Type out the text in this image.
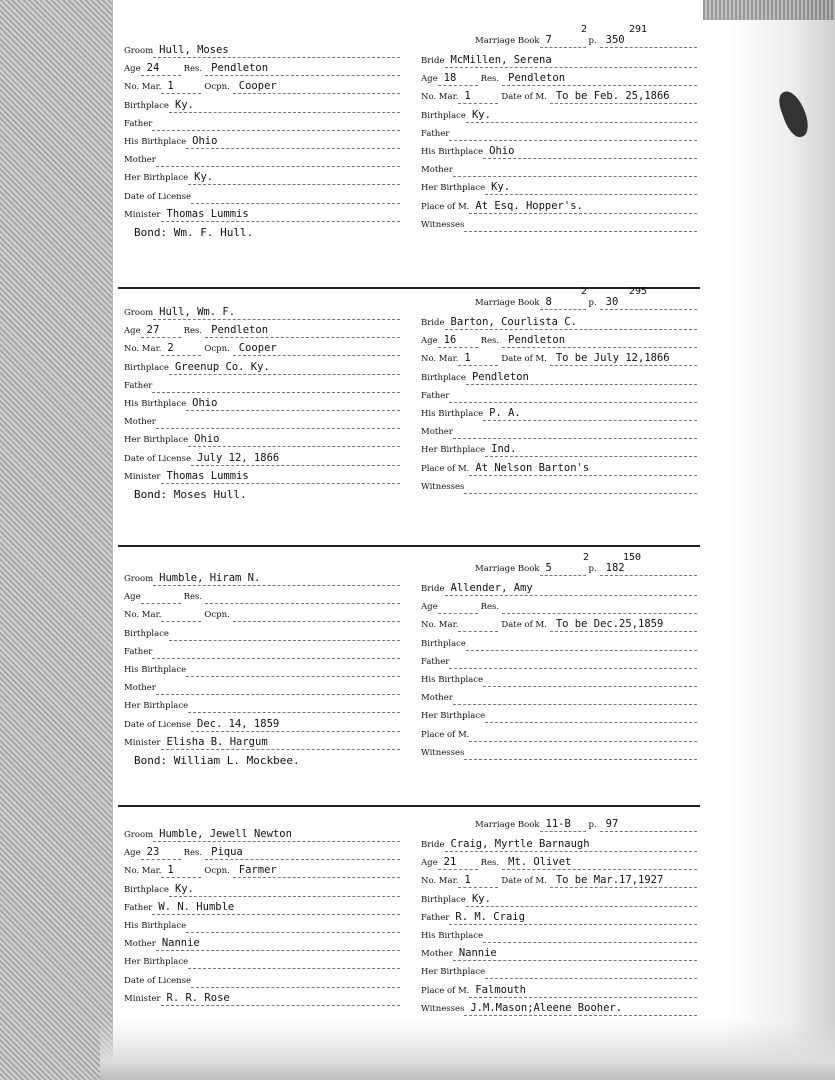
Groom Hull, Moses
Age 24	Res. Pendleton
No. Mar. 1	Ocpn. Cooper
Birthplace Ky.
Father
His Birthplace Ohio
Mother
Her Birthplace Ky.
Date of License
Minister Thomas Lummis
Bond: Wm. F. Hull.
2	291
Marriage Book 7	p. 350
Bride McMillen, Serena
Age 18	Res. Pendleton
No. Mar. 1	Date of M. To be Feb. 25,1866
Birthplace Ky.
Father
His Birthplace Ohio
Mother
Her Birthplace Ky.
Place of M. At Esq. Hopper's.
Witnesses
Groom Hull, Wm. F.
Age 27	Res. Pendleton
No. Mar. 2	Ocpn. Cooper
Birthplace Greenup Co. Ky.
Father
His Birthplace Ohio
Mother
Her Birthplace Ohio
Date of License July 12, 1866
Minister Thomas Lummis
Bond: Moses Hull.
2	295
Marriage Book 8	p. 30
Bride Barton, Courlista C.
Age 16	Res. Pendleton
No. Mar. 1	Date of M. To be July 12,1866
Birthplace Pendleton
Father
His Birthplace P. A.
Mother
Her Birthplace Ind.
Place of M. At Nelson Barton's
Witnesses
Groom Humble, Hiram N.
Age	Res.
No. Mar.	Ocpn.
Birthplace
Father
His Birthplace
Mother
Her Birthplace
Date of License Dec. 14, 1859
Minister Elisha B. Hargum
Bond: William L. Mockbee.
2	150
Marriage Book 5	p. 182
Bride Allender, Amy
Age	Res.
No. Mar.	Date of M. To be Dec.25,1859
Birthplace
Father
His Birthplace
Mother
Her Birthplace
Place of M.
Witnesses
Groom Humble, Jewell Newton
Age 23	Res. Piqua
No. Mar. 1	Ocpn. Farmer
Birthplace Ky.
Father W. N. Humble
His Birthplace
Mother Nannie
Her Birthplace
Date of License
Minister R. R. Rose
Marriage Book 11-B	p. 97
Bride Craig, Myrtle Barnaugh
Age 21	Res. Mt. Olivet
No. Mar. 1	Date of M. To be Mar.17,1927
Birthplace Ky.
Father R. M. Craig
His Birthplace
Mother Nannie
Her Birthplace
Place of M. Falmouth
Witnesses J.M.Mason;Aleene Booher.
